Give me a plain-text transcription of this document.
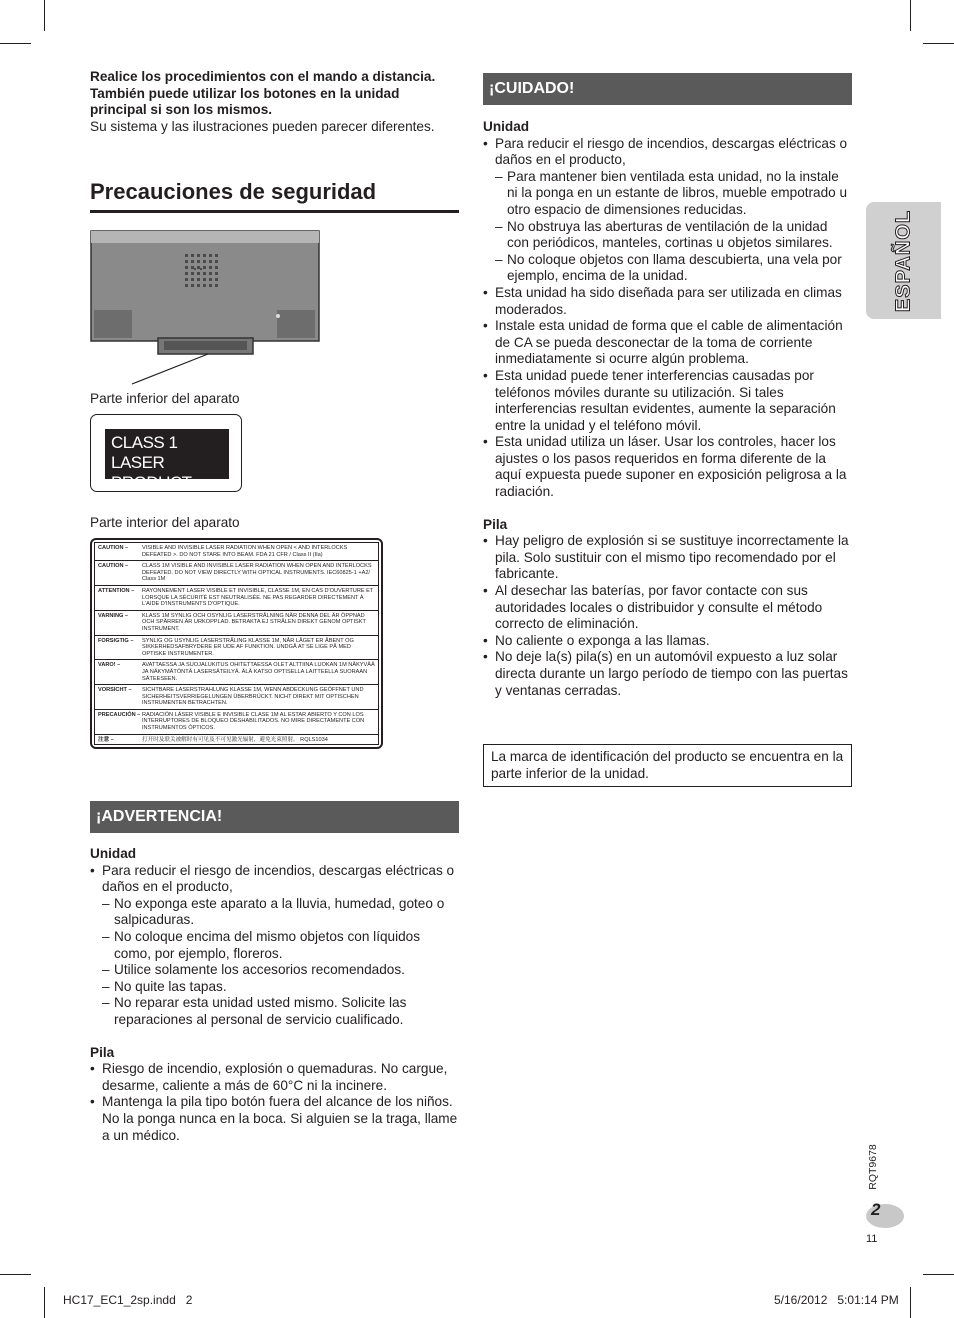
Realice los procedimientos con el mando a distancia.

También puede utilizar los botones en la unidad

principal si son los mismos.

Su sistema y las ilustraciones pueden parecer diferentes.

Precauciones de seguridad
Parte inferior del aparato
CLASS 1
LASER PRODUCT
Parte interior del aparato
CAUTION –	VISIBLE AND INVISIBLE LASER RADIATION WHEN OPEN < AND INTERLOCKS DEFEATED >. DO NOT STARE INTO BEAM. FDA 21 CFR / Class II (IIa)
CAUTION –	CLASS 1M VISIBLE AND INVISIBLE LASER RADIATION WHEN OPEN AND INTERLOCKS DEFEATED. DO NOT VIEW DIRECTLY WITH OPTICAL INSTRUMENTS. IEC60825-1 +A2/ Class 1M
ATTENTION –	RAYONNEMENT LASER VISIBLE ET INVISIBLE, CLASSE 1M, EN CAS D'OUVERTURE ET LORSQUE LA SÉCURITÉ EST NEUTRALISÉE. NE PAS REGARDER DIRECTEMENT À L'AIDE D'INSTRUMENTS D'OPTIQUE.
VARNING –	KLASS 1M SYNLIG OCH OSYNLIG LASERSTRÅLNING NÄR DENNA DEL ÄR ÖPPNAD OCH SPÄRREN ÄR URKOPPLAD. BETRAKTA EJ STRÅLEN DIREKT GENOM OPTISKT INSTRUMENT.
FORSIGTIG –	SYNLIG OG USYNLIG LASERSTRÅLING KLASSE 1M, NÅR LÅGET ER ÅBENT OG SIKKERHEDSAFBRYDERE ER UDE AF FUNKTION. UNDGÅ AT SE LIGE PÅ MED OPTISKE INSTRUMENTER.
VARO! –	AVATTAESSA JA SUOJALUKITUS OHITETTAESSA OLET ALTTIINA LUOKAN 1M NÄKYVÄÄ JA NÄKYMÄTÖNTÄ LASERSÄTEILYÄ. ÄLÄ KATSO OPTISELLA LAITTEELLA SUORAAN SÄTEESEEN.
VORSICHT –	SICHTBARE LASERSTRAHLUNG KLASSE 1M, WENN ABDECKUNG GEÖFFNET UND SICHERHEITSVERRIEGELUNGEN ÜBERBRÜCKT. NICHT DIREKT MIT OPTISCHEN INSTRUMENTEN BETRACHTEN.
PRECAUCIÓN – RADIACIÓN LÁSER VISIBLE E INVISIBLE CLASE 1M AL ESTAR ABIERTO Y CON LOS INTERRUPTORES DE BLOQUEO DESHABILITADOS. NO MIRE DIRECTAMENTE CON INSTRUMENTOS ÓPTICOS.
注意 –	打开时及联关被解时有可见及不可见激光辐射，避免光束照射。 RQLS1034
¡ADVERTENCIA!
Unidad
• Para reducir el riesgo de incendios, descargas eléctricas o daños en el producto,
– No exponga este aparato a la lluvia, humedad, goteo o salpicaduras.
– No coloque encima del mismo objetos con líquidos como, por ejemplo, floreros.
– Utilice solamente los accesorios recomendados.
– No quite las tapas.
– No reparar esta unidad usted mismo. Solicite las reparaciones al personal de servicio cualificado.
Pila
• Riesgo de incendio, explosión o quemaduras. No cargue, desarme, caliente a más de 60°C ni la incinere.
• Mantenga la pila tipo botón fuera del alcance de los niños. No la ponga nunca en la boca. Si alguien se la traga, llame a un médico.
¡CUIDADO!
Unidad
• Para reducir el riesgo de incendios, descargas eléctricas o daños en el producto,
– Para mantener bien ventilada esta unidad, no la instale ni la ponga en un estante de libros, mueble empotrado u otro espacio de dimensiones reducidas.
– No obstruya las aberturas de ventilación de la unidad con periódicos, manteles, cortinas u objetos similares.
– No coloque objetos con llama descubierta, una vela por ejemplo, encima de la unidad.
• Esta unidad ha sido diseñada para ser utilizada en climas moderados.
• Instale esta unidad de forma que el cable de alimentación de CA se pueda desconectar de la toma de corriente inmediatamente si ocurre algún problema.
• Esta unidad puede tener interferencias causadas por teléfonos móviles durante su utilización. Si tales interferencias resultan evidentes, aumente la separación entre la unidad y el teléfono móvil.
• Esta unidad utiliza un láser. Usar los controles, hacer los ajustes o los pasos requeridos en forma diferente de la aquí expuesta puede suponer en exposición peligrosa a la radiación.
Pila
• Hay peligro de explosión si se sustituye incorrectamente la pila. Solo sustituir con el mismo tipo recomendado por el fabricante.
• Al desechar las baterías, por favor contacte con sus autoridades locales o distribuidor y consulte el método correcto de eliminación.
• No caliente o exponga a las llamas.
• No deje la(s) pila(s) en un automóvil expuesto a luz solar directa durante un largo período de tiempo con las puertas y ventanas cerradas.
La marca de identificación del producto se encuentra en la parte inferior de la unidad.
ESPAÑOL
RQT9678
2
11
HC17_EC1_2sp.indd   2	5/16/2012   5:01:14 PM
